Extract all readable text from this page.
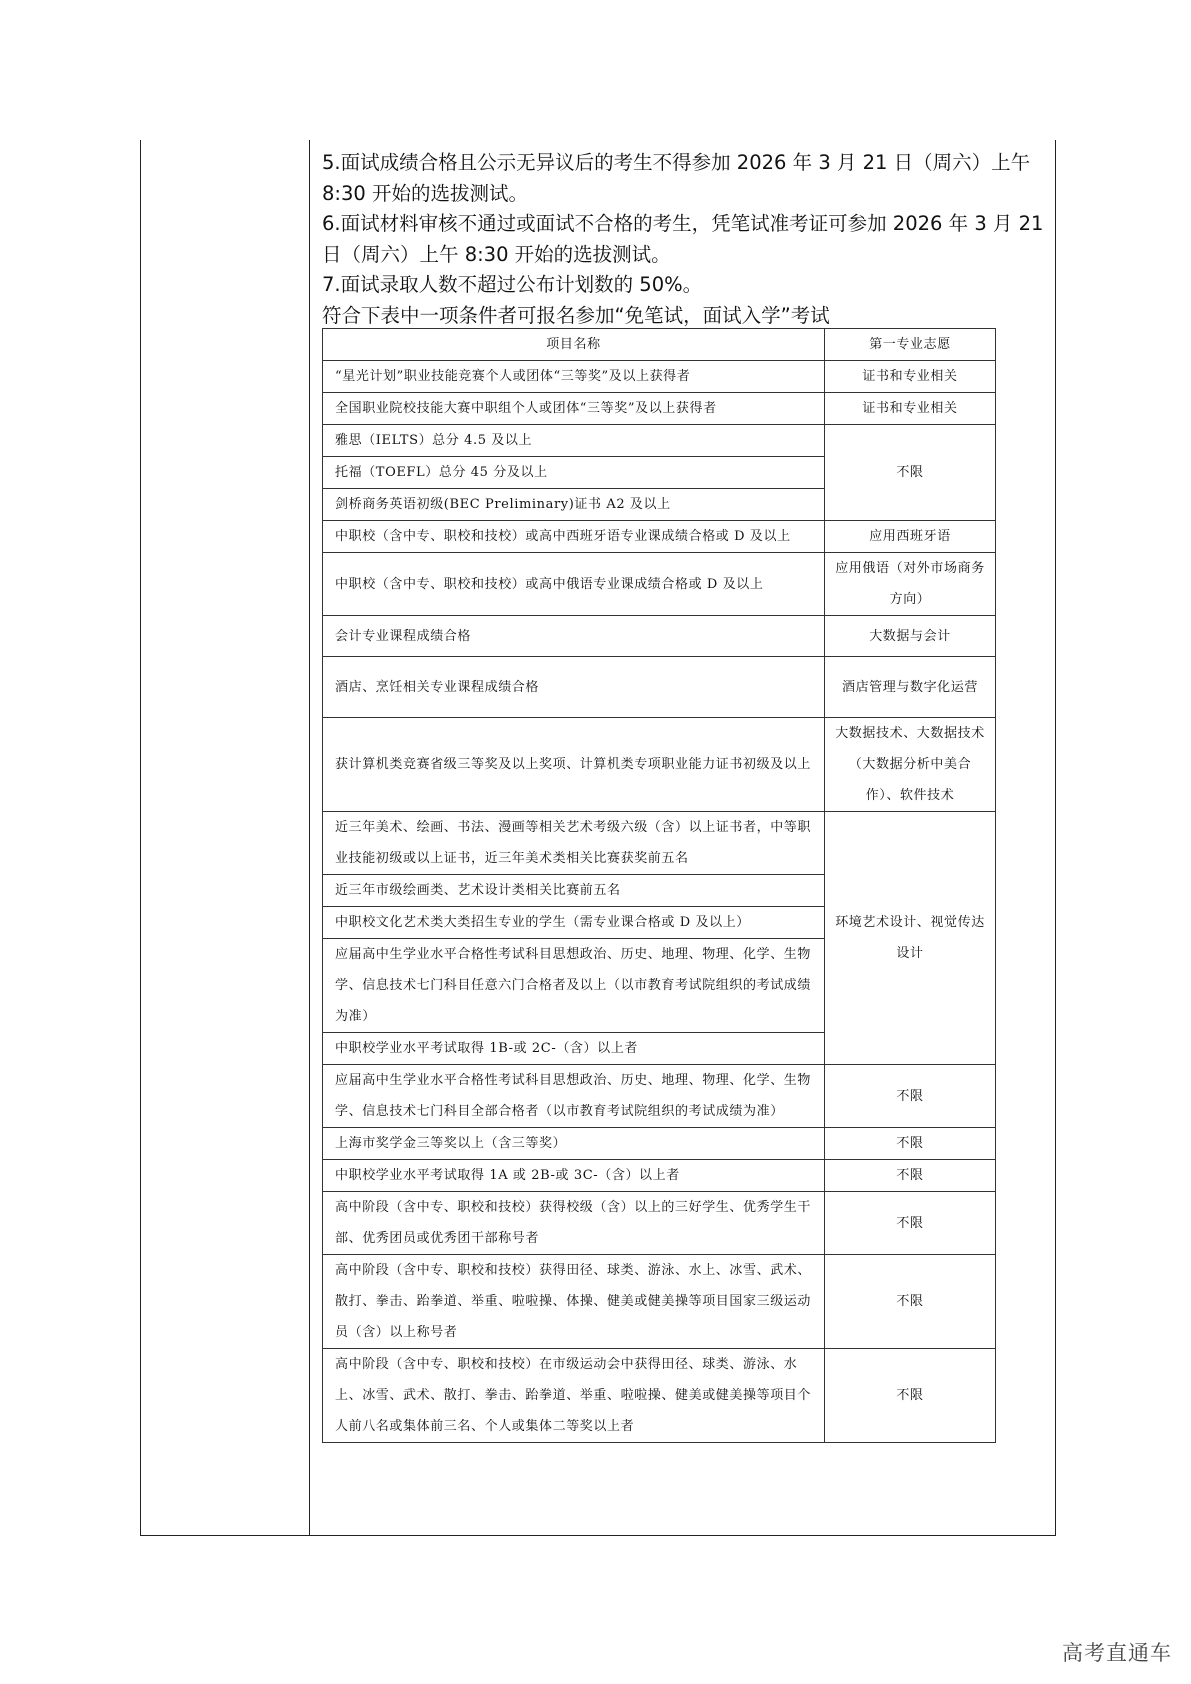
5.面试成绩合格且公示无异议后的考生不得参加 2026 年 3 月 21 日（周六）上午 8:30 开始的选拔测试。

6.面试材料审核不通过或面试不合格的考生，凭笔试准考证可参加 2026 年 3 月 21 日（周六）上午 8:30 开始的选拔测试。

7.面试录取人数不超过公布计划数的 50%。

符合下表中一项条件者可报名参加“免笔试，面试入学”考试

项目名称	第一专业志愿
“星光计划”职业技能竞赛个人或团体“三等奖”及以上获得者	证书和专业相关
全国职业院校技能大赛中职组个人或团体“三等奖”及以上获得者	证书和专业相关
雅思（IELTS）总分 4.5 及以上	不限
托福（TOEFL）总分 45 分及以上	
剑桥商务英语初级(BEC Preliminary)证书 A2 及以上	
中职校（含中专、职校和技校）或高中西班牙语专业课成绩合格或 D 及以上	应用西班牙语
中职校（含中专、职校和技校）或高中俄语专业课成绩合格或 D 及以上	应用俄语（对外市场商务方向）
会计专业课程成绩合格	大数据与会计
酒店、烹饪相关专业课程成绩合格	酒店管理与数字化运营
获计算机类竞赛省级三等奖及以上奖项、计算机类专项职业能力证书初级及以上	大数据技术、大数据技术（大数据分析中美合作）、软件技术
近三年美术、绘画、书法、漫画等相关艺术考级六级（含）以上证书者，中等职业技能初级或以上证书，近三年美术类相关比赛获奖前五名	环境艺术设计、视觉传达设计
近三年市级绘画类、艺术设计类相关比赛前五名	
中职校文化艺术类大类招生专业的学生（需专业课合格或 D 及以上）	
应届高中生学业水平合格性考试科目思想政治、历史、地理、物理、化学、生物学、信息技术七门科目任意六门合格者及以上（以市教育考试院组织的考试成绩为准）	
中职校学业水平考试取得 1B-或 2C-（含）以上者	
应届高中生学业水平合格性考试科目思想政治、历史、地理、物理、化学、生物学、信息技术七门科目全部合格者（以市教育考试院组织的考试成绩为准）	不限
上海市奖学金三等奖以上（含三等奖）	不限
中职校学业水平考试取得 1A 或 2B-或 3C-（含）以上者	不限
高中阶段（含中专、职校和技校）获得校级（含）以上的三好学生、优秀学生干部、优秀团员或优秀团干部称号者	不限
高中阶段（含中专、职校和技校）获得田径、球类、游泳、水上、冰雪、武术、散打、拳击、跆拳道、举重、啦啦操、体操、健美或健美操等项目国家三级运动员（含）以上称号者	不限
高中阶段（含中专、职校和技校）在市级运动会中获得田径、球类、游泳、水上、冰雪、武术、散打、拳击、跆拳道、举重、啦啦操、健美或健美操等项目个人前八名或集体前三名、个人或集体二等奖以上者	不限
高考直通车
